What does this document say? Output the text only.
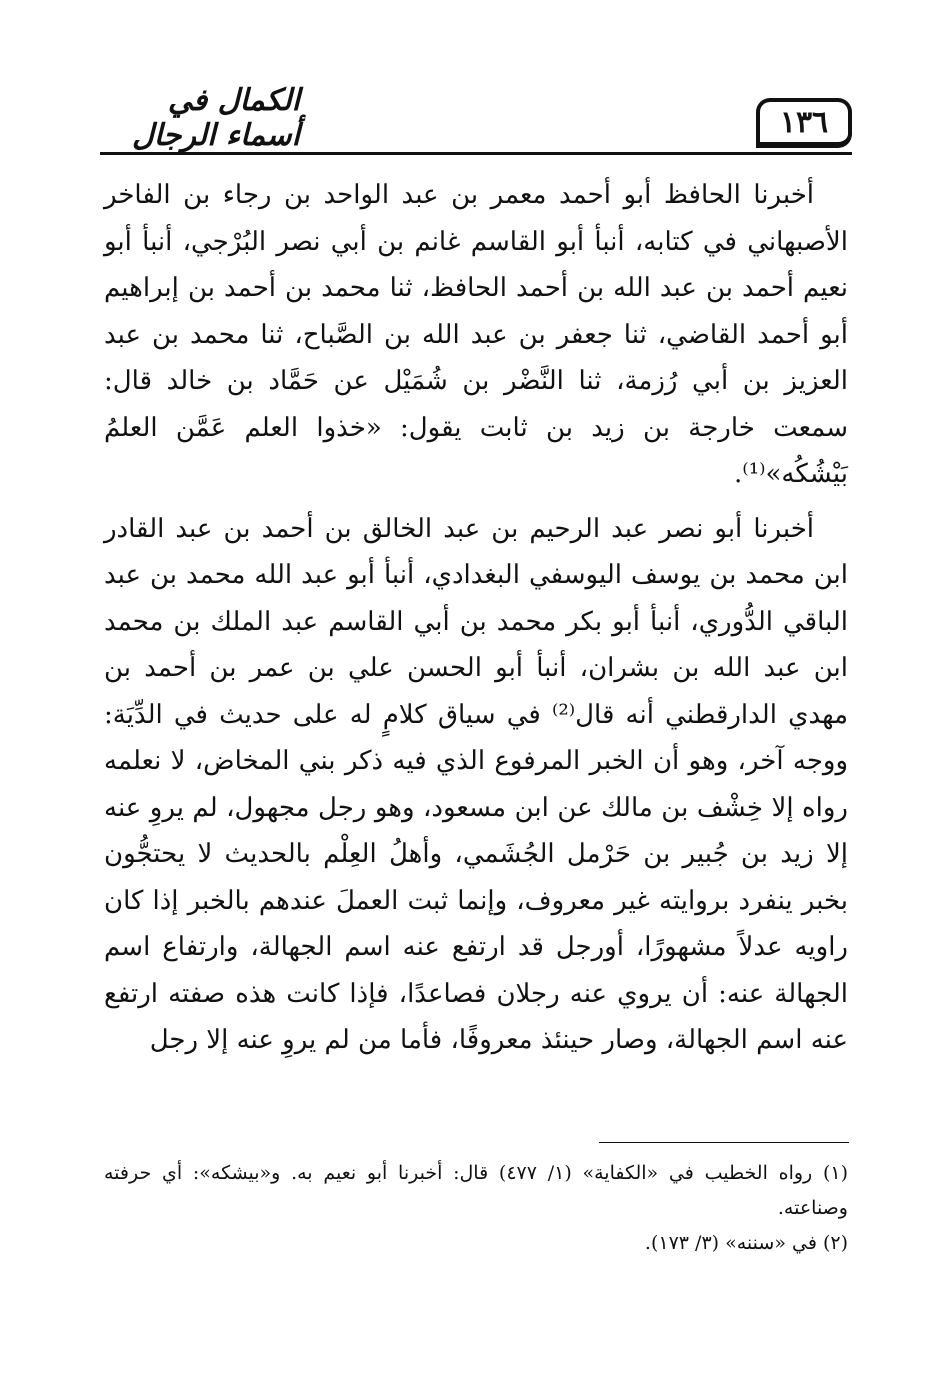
١٣٦
الكمال في أسماء الرجال

أخبرنا الحافظ أبو أحمد معمر بن عبد الواحد بن رجاء بن الفاخر الأصبهاني في كتابه، أنبأ أبو القاسم غانم بن أبي نصر البُرْجي، أنبأ أبو نعيم أحمد بن عبد الله بن أحمد الحافظ، ثنا محمد بن أحمد بن إبراهيم أبو أحمد القاضي، ثنا جعفر بن عبد الله بن الصَّباح، ثنا محمد بن عبد العزيز بن أبي رُزمة، ثنا النَّضْر بن شُمَيْل عن حَمَّاد بن خالد قال: سمعت خارجة بن زيد بن ثابت يقول: «خذوا العلم عَمَّن العلمُ بَيْشُكُه»⁽¹⁾.

أخبرنا أبو نصر عبد الرحيم بن عبد الخالق بن أحمد بن عبد القادر ابن محمد بن يوسف اليوسفي البغدادي، أنبأ أبو عبد الله محمد بن عبد الباقي الدُّوري، أنبأ أبو بكر محمد بن أبي القاسم عبد الملك بن محمد ابن عبد الله بن بشران، أنبأ أبو الحسن علي بن عمر بن أحمد بن مهدي الدارقطني أنه قال⁽²⁾ في سياق كلامٍ له على حديث في الدِّيَة: ووجه آخر، وهو أن الخبر المرفوع الذي فيه ذكر بني المخاض، لا نعلمه رواه إلا خِشْف بن مالك عن ابن مسعود، وهو رجل مجهول، لم يروِ عنه إلا زيد بن جُبير بن حَرْمل الجُشَمي، وأهلُ العِلْم بالحديث لا يحتجُّون بخبر ينفرد بروايته غير معروف، وإنما ثبت العملَ عندهم بالخبر إذا كان راويه عدلاً مشهورًا، أورجل قد ارتفع عنه اسم الجهالة، وارتفاع اسم الجهالة عنه: أن يروي عنه رجلان فصاعدًا، فإذا كانت هذه صفته ارتفع عنه اسم الجهالة، وصار حينئذ معروفًا، فأما من لم يروِ عنه إلا رجل

(١) رواه الخطيب في «الكفاية» (١/ ٤٧٧) قال: أخبرنا أبو نعيم به. و«بيشكه»: أي حرفته وصناعته.

(٢) في «سننه» (٣/ ١٧٣).
